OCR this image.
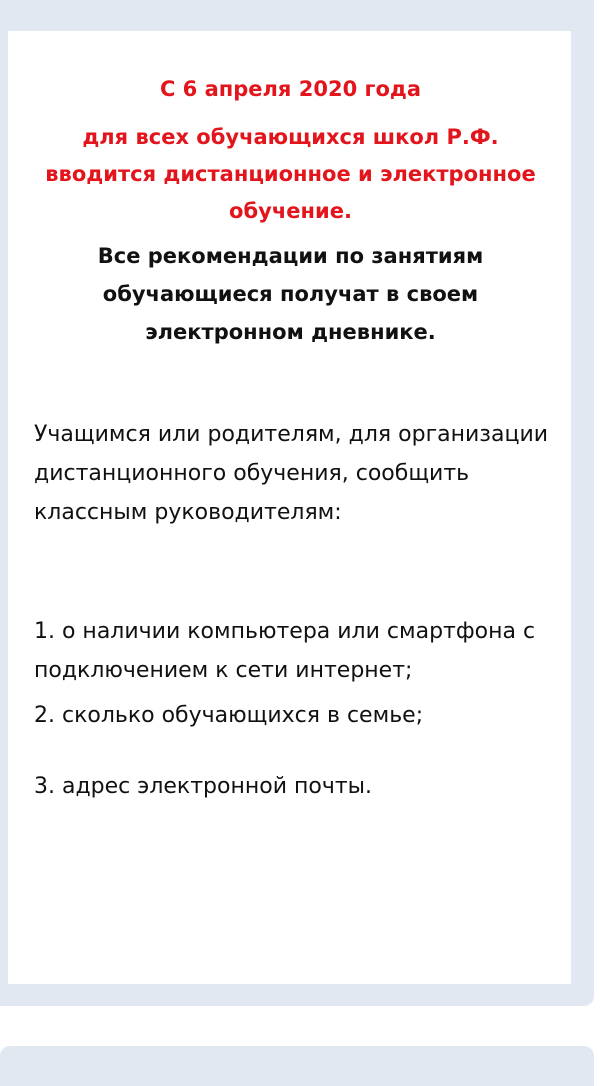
С 6 апреля 2020 года

для всех обучающихся школ Р.Ф. вводится дистанционное и электронное обучение.

Все рекомендации по занятиям обучающиеся получат в своем электронном дневнике.

Учащимся или родителям, для организации дистанционного обучения, сообщить классным руководителям:

1. о наличии компьютера или смартфона с подключением к сети интернет;

2. сколько обучающихся в семье;

3. адрес электронной почты.
